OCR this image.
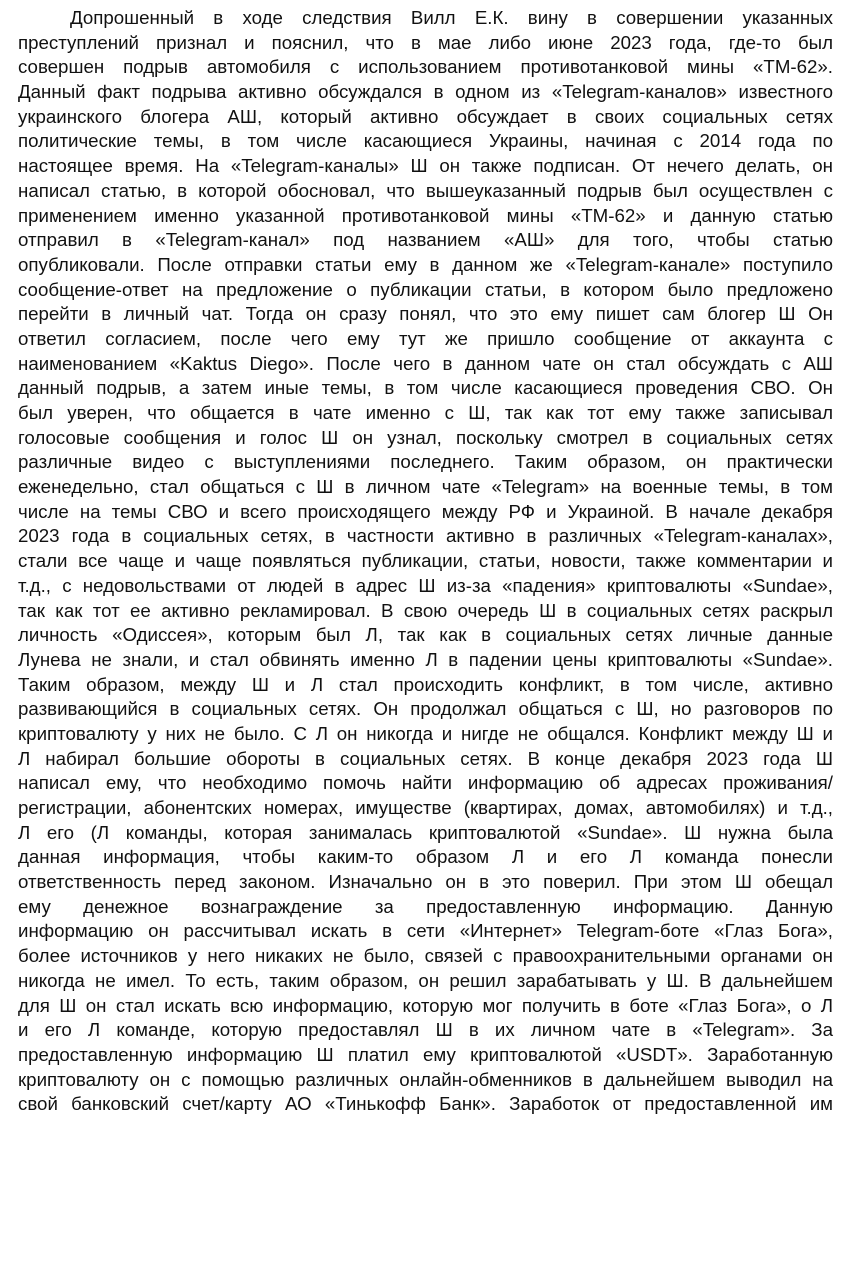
Допрошенный в ходе следствия Вилл Е.К. вину в совершении указанных
преступлений признал и пояснил, что в мае либо июне 2023 года, где-то был
совершен подрыв автомобиля с использованием противотанковой мины «ТМ-62».
Данный факт подрыва активно обсуждался в одном из «Telegram-каналов» известного
украинского блогера АШ, который активно обсуждает в своих социальных сетях
политические темы, в том числе касающиеся Украины, начиная с 2014 года по
настоящее время. На «Telegram-каналы» Ш он также подписан. От нечего делать, он
написал статью, в которой обосновал, что вышеуказанный подрыв был осуществлен с
применением именно указанной противотанковой мины «ТМ-62» и данную статью
отправил в «Telegram-канал» под названием «АШ» для того, чтобы статью
опубликовали. После отправки статьи ему в данном же «Telegram-канале» поступило
сообщение-ответ на предложение о публикации статьи, в котором было предложено
перейти в личный чат. Тогда он сразу понял, что это ему пишет сам блогер Ш Он
ответил согласием, после чего ему тут же пришло сообщение от аккаунта с
наименованием «Kaktus Diego». После чего в данном чате он стал обсуждать с АШ
данный подрыв, а затем иные темы, в том числе касающиеся проведения СВО. Он
был уверен, что общается в чате именно с Ш, так как тот ему также записывал
голосовые сообщения и голос Ш он узнал, поскольку смотрел в социальных сетях
различные видео с выступлениями последнего. Таким образом, он практически
еженедельно, стал общаться с Ш в личном чате «Telegram» на военные темы, в том
числе на темы СВО и всего происходящего между РФ и Украиной. В начале декабря
2023 года в социальных сетях, в частности активно в различных «Telegram-каналах»,
стали все чаще и чаще появляться публикации, статьи, новости, также комментарии и
т.д., с недовольствами от людей в адрес Ш из-за «падения» криптовалюты «Sundae»,
так как тот ее активно рекламировал. В свою очередь Ш в социальных сетях раскрыл
личность «Одиссея», которым был Л, так как в социальных сетях личные данные
Лунева не знали, и стал обвинять именно Л в падении цены криптовалюты «Sundae».
Таким образом, между Ш и Л стал происходить конфликт, в том числе, активно
развивающийся в социальных сетях. Он продолжал общаться с Ш, но разговоров по
криптовалюту у них не было. С Л он никогда и нигде не общался. Конфликт между Ш и
Л набирал большие обороты в социальных сетях. В конце декабря 2023 года Ш
написал ему, что необходимо помочь найти информацию об адресах проживания/
регистрации, абонентских номерах, имуществе (квартирах, домах, автомобилях) и т.д.,
Л его (Л команды, которая занималась криптовалютой «Sundae». Ш нужна была
данная информация, чтобы каким-то образом Л и его Л команда понесли
ответственность перед законом. Изначально он в это поверил. При этом Ш обещал
ему денежное вознаграждение за предоставленную информацию. Данную
информацию он рассчитывал искать в сети «Интернет» Telegram-боте «Глаз Бога»,
более источников у него никаких не было, связей с правоохранительными органами он
никогда не имел. То есть, таким образом, он решил зарабатывать у Ш. В дальнейшем
для Ш он стал искать всю информацию, которую мог получить в боте «Глаз Бога», о Л
и его Л команде, которую предоставлял Ш в их личном чате в «Telegram». За
предоставленную информацию Ш платил ему криптовалютой «USDT». Заработанную
криптовалюту он с помощью различных онлайн-обменников в дальнейшем выводил на
свой банковский счет/карту АО «Тинькофф Банк». Заработок от предоставленной им
